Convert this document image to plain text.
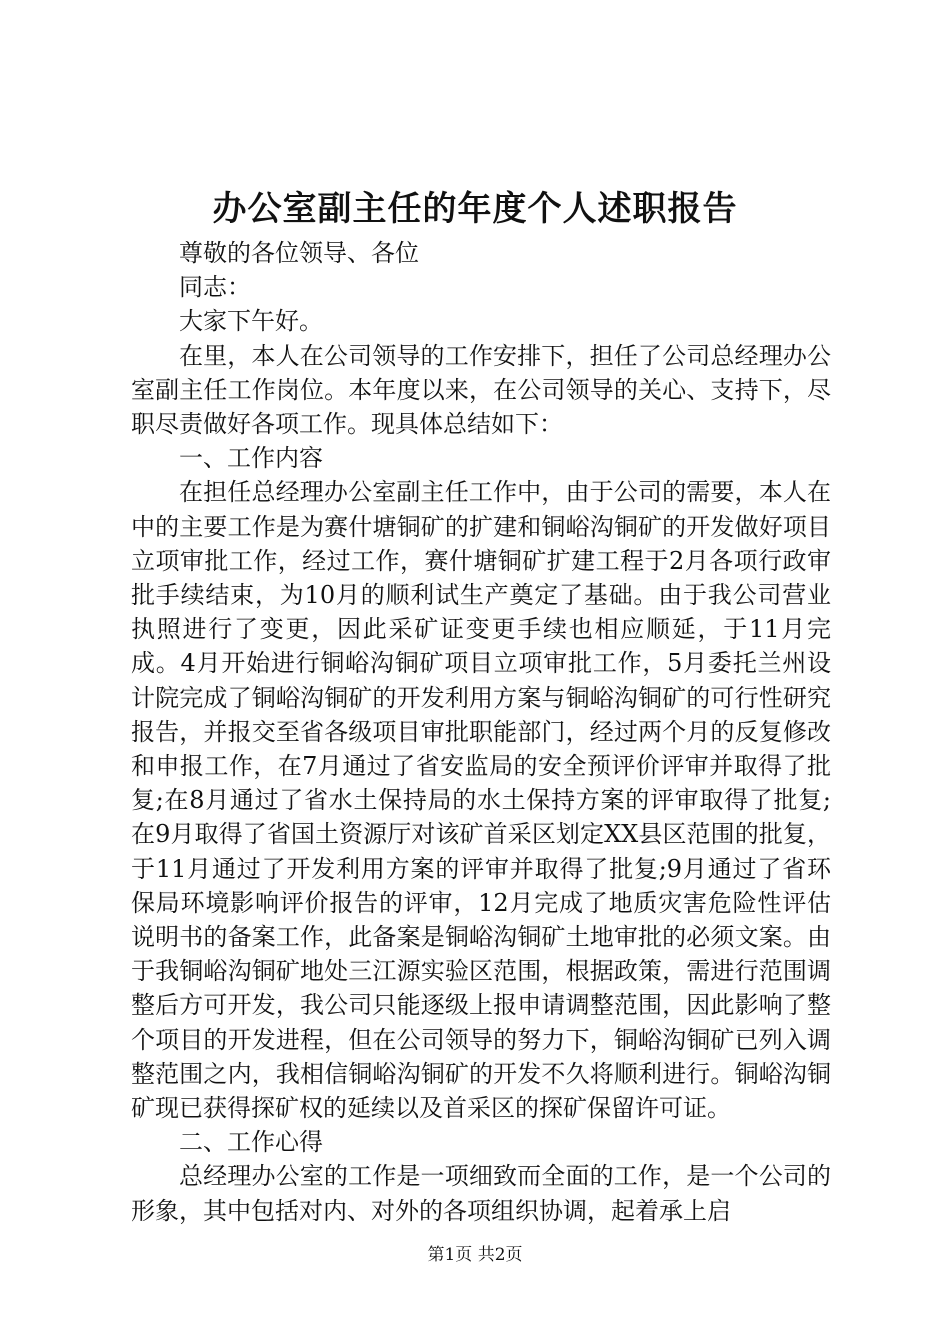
办公室副主任的年度个人述职报告

尊敬的各位领导、各位

同志：

大家下午好。

在里，本人在公司领导的工作安排下，担任了公司总经理办公室副主任工作岗位。本年度以来，在公司领导的关心、支持下，尽职尽责做好各项工作。现具体总结如下：

一、工作内容

在担任总经理办公室副主任工作中，由于公司的需要，本人在中的主要工作是为赛什塘铜矿的扩建和铜峪沟铜矿的开发做好项目立项审批工作，经过工作，赛什塘铜矿扩建工程于2月各项行政审批手续结束，为10月的顺利试生产奠定了基础。由于我公司营业执照进行了变更，因此采矿证变更手续也相应顺延，于11月完成。4月开始进行铜峪沟铜矿项目立项审批工作，5月委托兰州设计院完成了铜峪沟铜矿的开发利用方案与铜峪沟铜矿的可行性研究报告，并报交至省各级项目审批职能部门，经过两个月的反复修改和申报工作，在7月通过了省安监局的安全预评价评审并取得了批复;在8月通过了省水土保持局的水土保持方案的评审取得了批复;在9月取得了省国土资源厅对该矿首采区划定XX县区范围的批复，于11月通过了开发利用方案的评审并取得了批复;9月通过了省环保局环境影响评价报告的评审，12月完成了地质灾害危险性评估说明书的备案工作，此备案是铜峪沟铜矿土地审批的必须文案。由于我铜峪沟铜矿地处三江源实验区范围，根据政策，需进行范围调整后方可开发，我公司只能逐级上报申请调整范围，因此影响了整个项目的开发进程，但在公司领导的努力下，铜峪沟铜矿已列入调整范围之内，我相信铜峪沟铜矿的开发不久将顺利进行。铜峪沟铜矿现已获得探矿权的延续以及首采区的探矿保留许可证。

二、工作心得

总经理办公室的工作是一项细致而全面的工作，是一个公司的形象，其中包括对内、对外的各项组织协调，起着承上启

第1页 共2页
